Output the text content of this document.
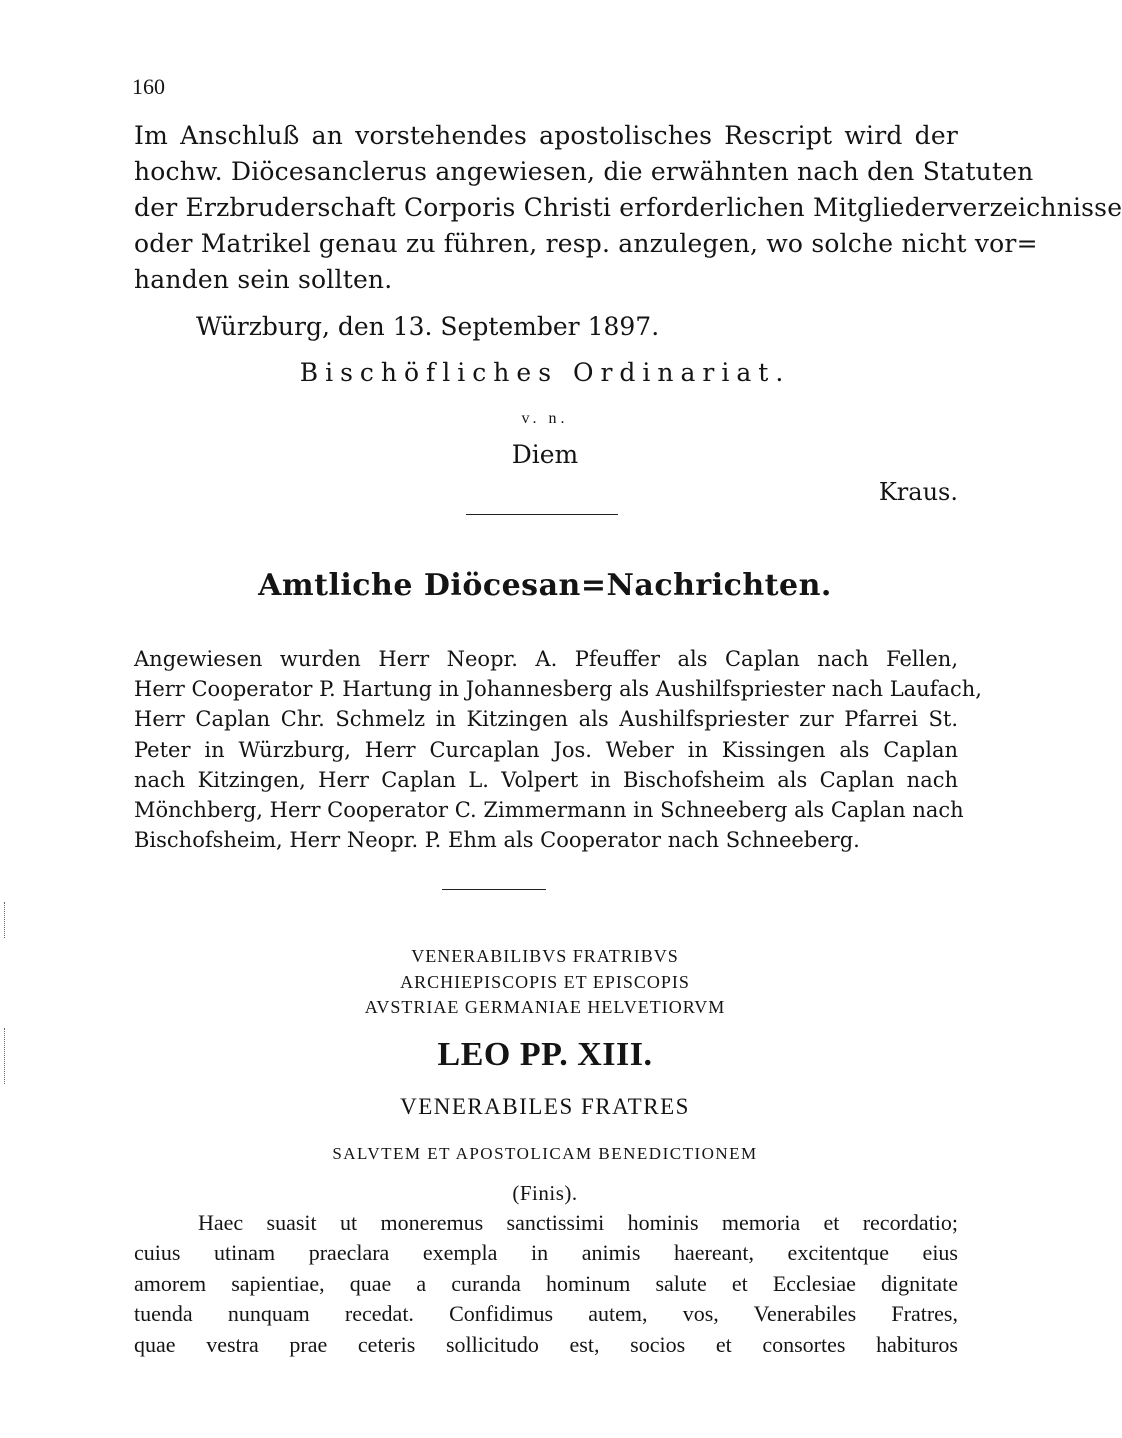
160
Im Anschluß an vorstehendes apostolisches Rescript wird der
hochw. Diöcesanclerus angewiesen, die erwähnten nach den Statuten
der Erzbruderschaft Corporis Christi erforderlichen Mitgliederverzeichnisse
oder Matrikel genau zu führen, resp. anzulegen, wo solche nicht vor=
handen sein sollten.
Würzburg, den 13. September 1897.
Bischöfliches Ordinariat.
v. n.
Diem
Kraus.
Amtliche Diöcesan=Nachrichten.
Angewiesen wurden Herr Neopr. A. Pfeuffer als Caplan nach Fellen,
Herr Cooperator P. Hartung in Johannesberg als Aushilfspriester nach Laufach,
Herr Caplan Chr. Schmelz in Kitzingen als Aushilfspriester zur Pfarrei St.
Peter in Würzburg, Herr Curcaplan Jos. Weber in Kissingen als Caplan
nach Kitzingen, Herr Caplan L. Volpert in Bischofsheim als Caplan nach
Mönchberg, Herr Cooperator C. Zimmermann in Schneeberg als Caplan nach
Bischofsheim, Herr Neopr. P. Ehm als Cooperator nach Schneeberg.
VENERABILIBVS FRATRIBVS
ARCHIEPISCOPIS ET EPISCOPIS
AVSTRIAE GERMANIAE HELVETIORVM
LEO PP. XIII.
VENERABILES FRATRES
SALVTEM ET APOSTOLICAM BENEDICTIONEM
(Finis).
Haec suasit ut moneremus sanctissimi hominis memoria et recordatio;
cuius utinam praeclara exempla in animis haereant, excitentque eius
amorem sapientiae, quae a curanda hominum salute et Ecclesiae dignitate
tuenda nunquam recedat. Confidimus autem, vos, Venerabiles Fratres,
quae vestra prae ceteris sollicitudo est, socios et consortes habituros
